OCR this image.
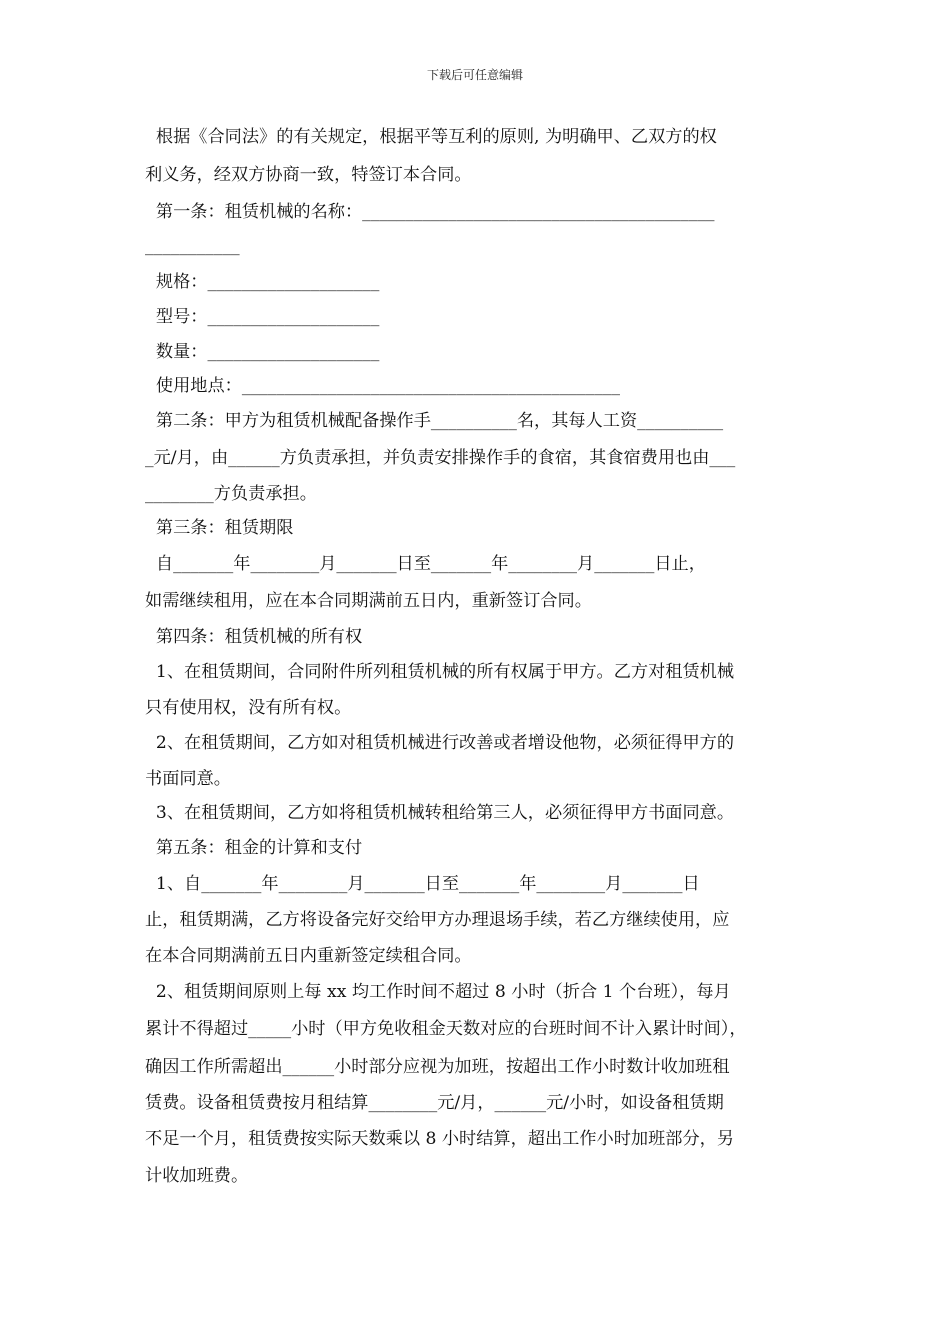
下载后可任意编辑
根据《合同法》的有关规定，根据平等互利的原则, 为明确甲、乙双方的权
利义务，经双方协商一致，特签订本合同。
第一条：租赁机械的名称：_________________________________________
___________
规格：____________________
型号：____________________
数量：____________________
使用地点：____________________________________________
第二条：甲方为租赁机械配备操作手__________名，其每人工资__________
_元/月，由______方负责承担，并负责安排操作手的食宿，其食宿费用也由___
________方负责承担。
第三条：租赁期限
自_______年________月_______日至_______年________月_______日止，
如需继续租用，应在本合同期满前五日内，重新签订合同。
第四条：租赁机械的所有权
1、在租赁期间，合同附件所列租赁机械的所有权属于甲方。乙方对租赁机械
只有使用权，没有所有权。
2、在租赁期间，乙方如对租赁机械进行改善或者增设他物，必须征得甲方的
书面同意。
3、在租赁期间，乙方如将租赁机械转租给第三人，必须征得甲方书面同意。
第五条：租金的计算和支付
1、自_______年________月_______日至_______年________月_______日
止，租赁期满，乙方将设备完好交给甲方办理退场手续，若乙方继续使用，应
在本合同期满前五日内重新签定续租合同。
2、租赁期间原则上每 xx 均工作时间不超过 8 小时（折合 1 个台班），每月
累计不得超过_____小时（甲方免收租金天数对应的台班时间不计入累计时间），
确因工作所需超出______小时部分应视为加班，按超出工作小时数计收加班租
赁费。设备租赁费按月租结算________元/月，______元/小时，如设备租赁期
不足一个月，租赁费按实际天数乘以 8 小时结算，超出工作小时加班部分，另
计收加班费。
